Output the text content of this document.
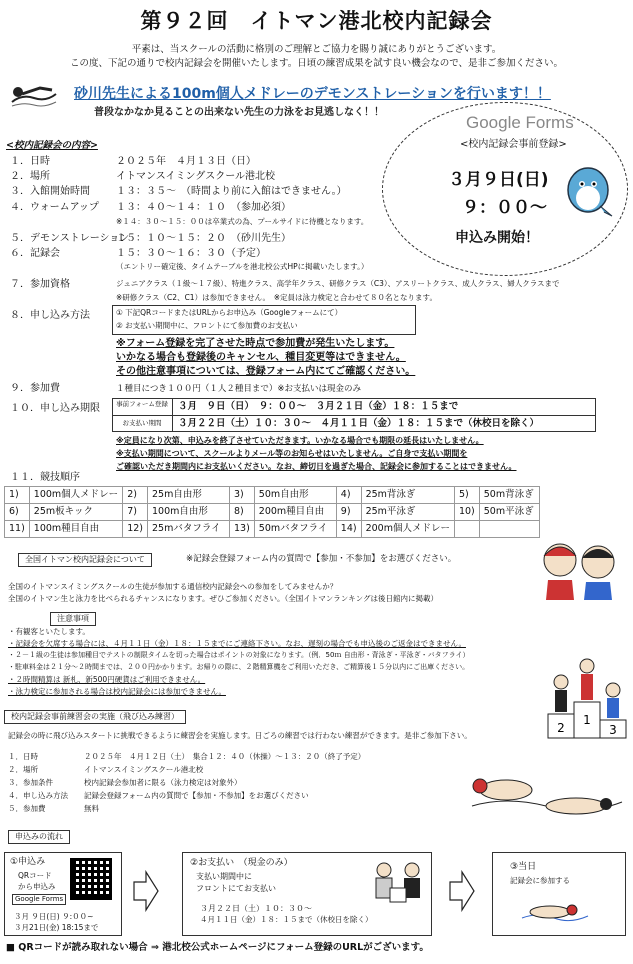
第９２回　イトマン港北校内記録会
平素は、当スクールの活動に格別のご理解とご協力を賜り誠にありがとうございます。
この度、下記の通りで校内記録会を開催いたします。日頃の練習成果を試す良い機会なので、是非ご参加ください。
砂川先生による100m個人メドレーのデモンストレーションを行います！！
普段なかなか見ることの出来ない先生の力泳をお見逃しなく！！
Google Forms
<校内記録会事前登録>
３月９日(日)
９：００～
申込み開始！
<校内記録会の内容>
１．日時	２０２５年　４月１３日（日）
２．場所	イトマンスイミングスクール港北校
３．入館開始時間	１３：３５～　（時間より前に入館はできません。）
４．ウォームアップ １３：４０～１４：１０　（参加必須）
※１４：３０～１５：００は卒業式の為、プールサイドに待機となります。
５．デモンストレーション
１５：１０～１５：２０　（砂川先生）
６．記録会	１５：３０～１６：３０（予定）
（エントリー確定後、タイムテーブルを港北校公式HPに掲載いたします。）
７．参加資格	ジュニアクラス（１級～１７級）、特進クラス、高学年クラス、研修クラス（C3）、アスリートクラス、成人クラス、婦人クラスまで
※研修クラス（C2、C1）は参加できません。　※定員は泳力検定と合わせて８０名となります。
８．申し込み方法	① 下記QRコードまたはURLからお申込み（Googleフォームにて）
② お支払い期間中に、フロントにて参加費のお支払い
※フォーム登録を完了させた時点で参加費が発生いたします。
いかなる場合も登録後のキャンセル、種目変更等はできません。
その他注意事項については、登録フォーム内にてご確認ください。
９．参加費	１種目につき１００円（１人２種目まで）※お支払いは現金のみ
１０．申し込み期限	事前フォーム登録 ３月　９日（日）　９：００～　３月２１日（金）１８：１５まで
お支払い期間	３月２２日（土）１０：３０～　４月１１日（金）１８：１５まで（休校日を除く）
※定員になり次第、申込みを終了させていただきます。いかなる場合でも期限の延長はいたしません。
※支払い期間について、スクールよりメール等のお知らせはいたしません。ご自身で支払い期間を
ご確認いただき期間内にお支払いください。なお、締切日を過ぎた場合、記録会に参加することはできません。
１１．競技順序
1)	100m個人メドレー	2)	25m自由形	3)	50m自由形	4)	25m背泳ぎ	5)	50m背泳ぎ
6)	25m板キック	7)	100m自由形	8)	200m種目自由	9)	25m平泳ぎ	10)	50m平泳ぎ
11)	100m種目自由	12)	25mバタフライ	13)	50mバタフライ	14)	200m個人メドレー		
全国イトマン校内記録会について	※記録会登録フォーム内の質問で【参加・不参加】をお選びください。
全国のイトマンスイミングスクールの生徒が参加する通信校内記録会への参加をしてみませんか？
全国のイトマン生と泳力を比べられるチャンスになります。ぜひご参加ください。（全国イトマンランキングは後日館内に掲載）
注意事項
・有観客といたします。
・記録会を欠席する場合には、４月１１日（金）１８：１５までにご連絡下さい。なお、遅刻の場合でも申込後のご返金はできません。
・２－１級の生徒は参加種目でテストの制限タイムを切った場合はポイントの対象になります。（例．50ｍ 自由形・背泳ぎ・平泳ぎ・バタフライ）
・駐車料金は２１分～２時間までは、２００円かかります。お帰りの際に、２階精算機をご利用いただき、ご精算後１５分以内にご出庫ください。
・２時間精算は 新札、新500円硬貨はご利用できません。
・泳力検定に参加される場合は校内記録会には参加できません。
1
2	3
校内記録会事前練習会の実施（飛び込み練習）
記録会の時に飛び込みスタートに挑戦できるように練習会を実施します。日ごろの練習では行わない練習ができます。是非ご参加下さい。
１．日時	２０２５年　４月１２日（土）　集合１２：４０（休操）～１３：２０（終了予定）
２．場所	イトマンスイミングスクール港北校
３．参加条件	校内記録会参加者に限る（泳力検定は対象外）
４．申し込み方法 記録会登録フォーム内の質問で【参加・不参加】をお選びください
５．参加費	無料
申込みの流れ
①申込み
QRコード
から申込み
Google Forms
３月 ９日(日) ９:００~
３月21日(金) 18:15まで
②お支払い　（現金のみ）
支払い期間中に
フロントにてお支払い
３月２２日（土）１０：３０～
４月１１日（金）１８：１５まで（休校日を除く）
③当日
記録会に参加する
■ QRコードが読み取れない場合 ⇒ 港北校公式ホームページにフォーム登録のURLがございます。
